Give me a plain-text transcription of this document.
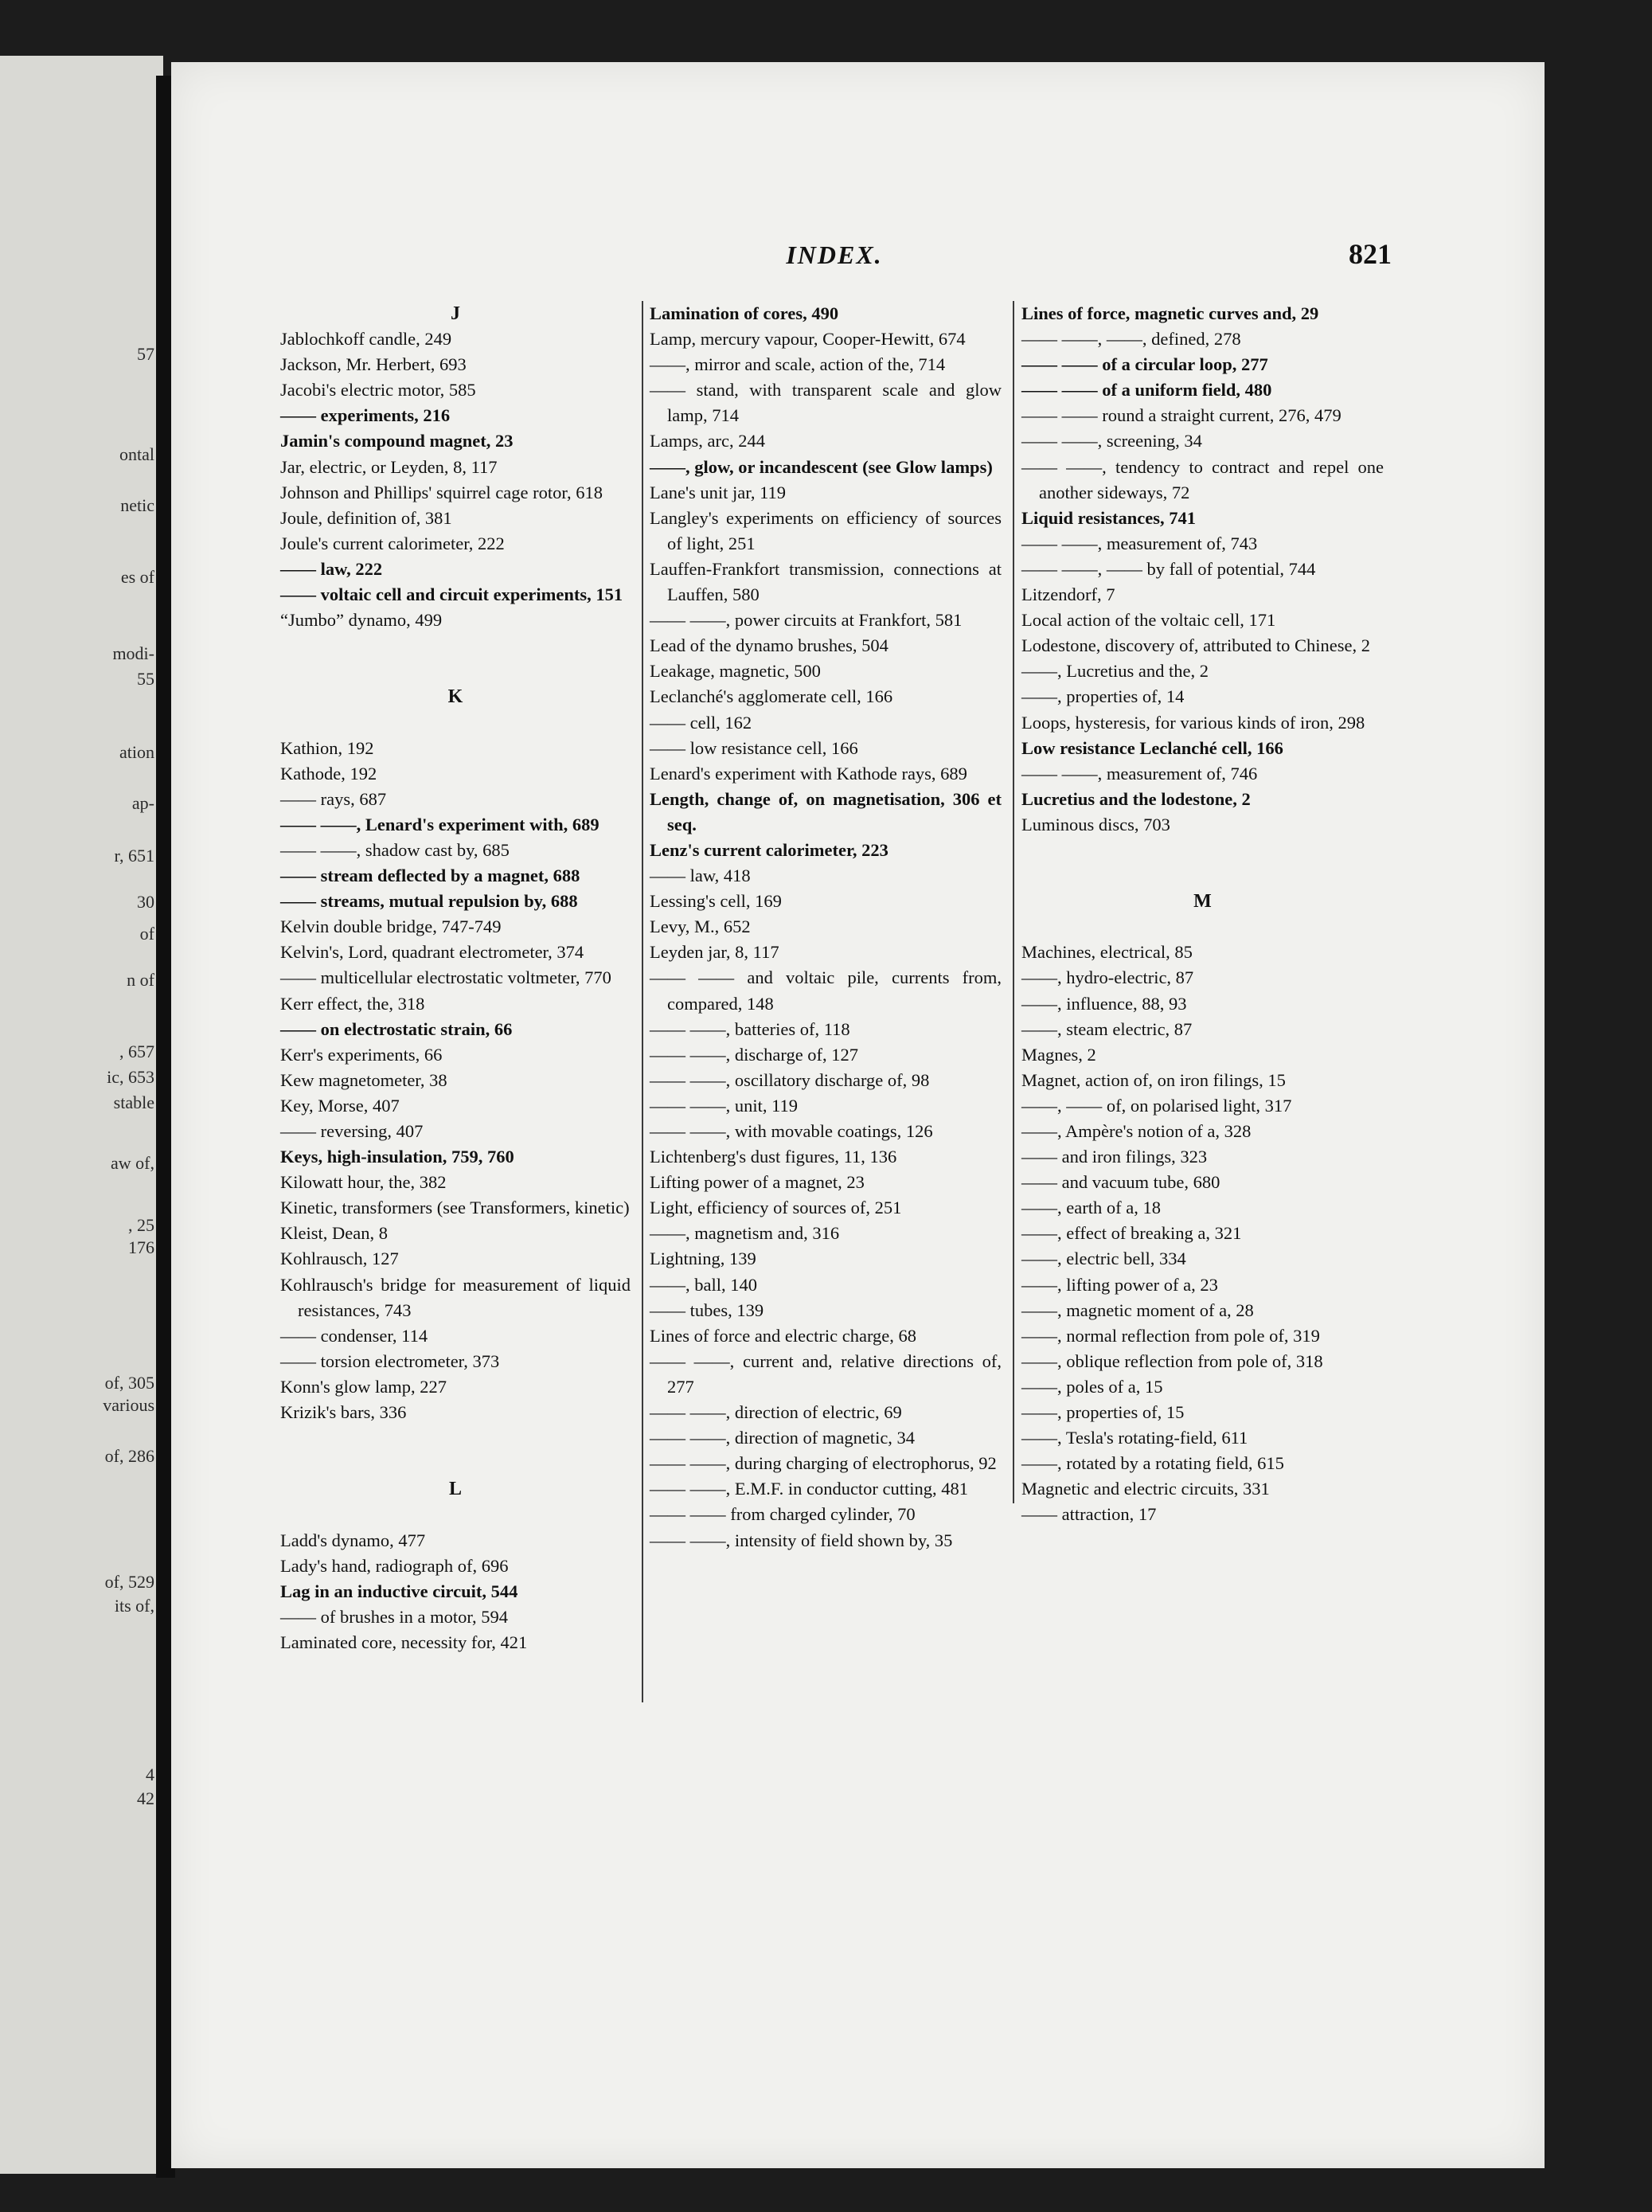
57
ontal
netic
es of
modi-
55
ation
ap-
r, 651
30
of
n of
, 657
ic, 653
stable
aw of,
, 25
176
of, 305
various
of, 286
of, 529
its of,
4
42
INDEX.	821
J
Jablochkoff candle, 249
Jackson, Mr. Herbert, 693
Jacobi's electric motor, 585
—— experiments, 216
Jamin's compound magnet, 23
Jar, electric, or Leyden, 8, 117
Johnson and Phillips' squirrel cage rotor, 618
Joule, definition of, 381
Joule's current calorimeter, 222
—— law, 222
—— voltaic cell and circuit experiments, 151
“Jumbo” dynamo, 499
K
Kathion, 192
Kathode, 192
—— rays, 687
—— ——, Lenard's experiment with, 689
—— ——, shadow cast by, 685
—— stream deflected by a magnet, 688
—— streams, mutual repulsion by, 688
Kelvin double bridge, 747-749
Kelvin's, Lord, quadrant electrometer, 374
—— multicellular electrostatic voltmeter, 770
Kerr effect, the, 318
—— on electrostatic strain, 66
Kerr's experiments, 66
Kew magnetometer, 38
Key, Morse, 407
—— reversing, 407
Keys, high-insulation, 759, 760
Kilowatt hour, the, 382
Kinetic, transformers (see Transformers, kinetic)
Kleist, Dean, 8
Kohlrausch, 127
Kohlrausch's bridge for measurement of liquid resistances, 743
—— condenser, 114
—— torsion electrometer, 373
Konn's glow lamp, 227
Krizik's bars, 336
L
Ladd's dynamo, 477
Lady's hand, radiograph of, 696
Lag in an inductive circuit, 544
—— of brushes in a motor, 594
Laminated core, necessity for, 421
Lamination of cores, 490
Lamp, mercury vapour, Cooper-Hewitt, 674
——, mirror and scale, action of the, 714
—— stand, with transparent scale and glow lamp, 714
Lamps, arc, 244
——, glow, or incandescent (see Glow lamps)
Lane's unit jar, 119
Langley's experiments on efficiency of sources of light, 251
Lauffen-Frankfort transmission, connections at Lauffen, 580
—— ——, power circuits at Frankfort, 581
Lead of the dynamo brushes, 504
Leakage, magnetic, 500
Leclanché's agglomerate cell, 166
—— cell, 162
—— low resistance cell, 166
Lenard's experiment with Kathode rays, 689
Length, change of, on magnetisation, 306 et seq.
Lenz's current calorimeter, 223
—— law, 418
Lessing's cell, 169
Levy, M., 652
Leyden jar, 8, 117
—— —— and voltaic pile, currents from, compared, 148
—— ——, batteries of, 118
—— ——, discharge of, 127
—— ——, oscillatory discharge of, 98
—— ——, unit, 119
—— ——, with movable coatings, 126
Lichtenberg's dust figures, 11, 136
Lifting power of a magnet, 23
Light, efficiency of sources of, 251
——, magnetism and, 316
Lightning, 139
——, ball, 140
—— tubes, 139
Lines of force and electric charge, 68
—— ——, current and, relative directions of, 277
—— ——, direction of electric, 69
—— ——, direction of magnetic, 34
—— ——, during charging of electrophorus, 92
—— ——, E.M.F. in conductor cutting, 481
—— —— from charged cylinder, 70
—— ——, intensity of field shown by, 35
Lines of force, magnetic curves and, 29
—— ——, ——, defined, 278
—— —— of a circular loop, 277
—— —— of a uniform field, 480
—— —— round a straight current, 276, 479
—— ——, screening, 34
—— ——, tendency to contract and repel one another sideways, 72
Liquid resistances, 741
—— ——, measurement of, 743
—— ——, —— by fall of potential, 744
Litzendorf, 7
Local action of the voltaic cell, 171
Lodestone, discovery of, attributed to Chinese, 2
——, Lucretius and the, 2
——, properties of, 14
Loops, hysteresis, for various kinds of iron, 298
Low resistance Leclanché cell, 166
—— ——, measurement of, 746
Lucretius and the lodestone, 2
Luminous discs, 703
M
Machines, electrical, 85
——, hydro-electric, 87
——, influence, 88, 93
——, steam electric, 87
Magnes, 2
Magnet, action of, on iron filings, 15
——, —— of, on polarised light, 317
——, Ampère's notion of a, 328
—— and iron filings, 323
—— and vacuum tube, 680
——, earth of a, 18
——, effect of breaking a, 321
——, electric bell, 334
——, lifting power of a, 23
——, magnetic moment of a, 28
——, normal reflection from pole of, 319
——, oblique reflection from pole of, 318
——, poles of a, 15
——, properties of, 15
——, Tesla's rotating-field, 611
——, rotated by a rotating field, 615
Magnetic and electric circuits, 331
—— attraction, 17
